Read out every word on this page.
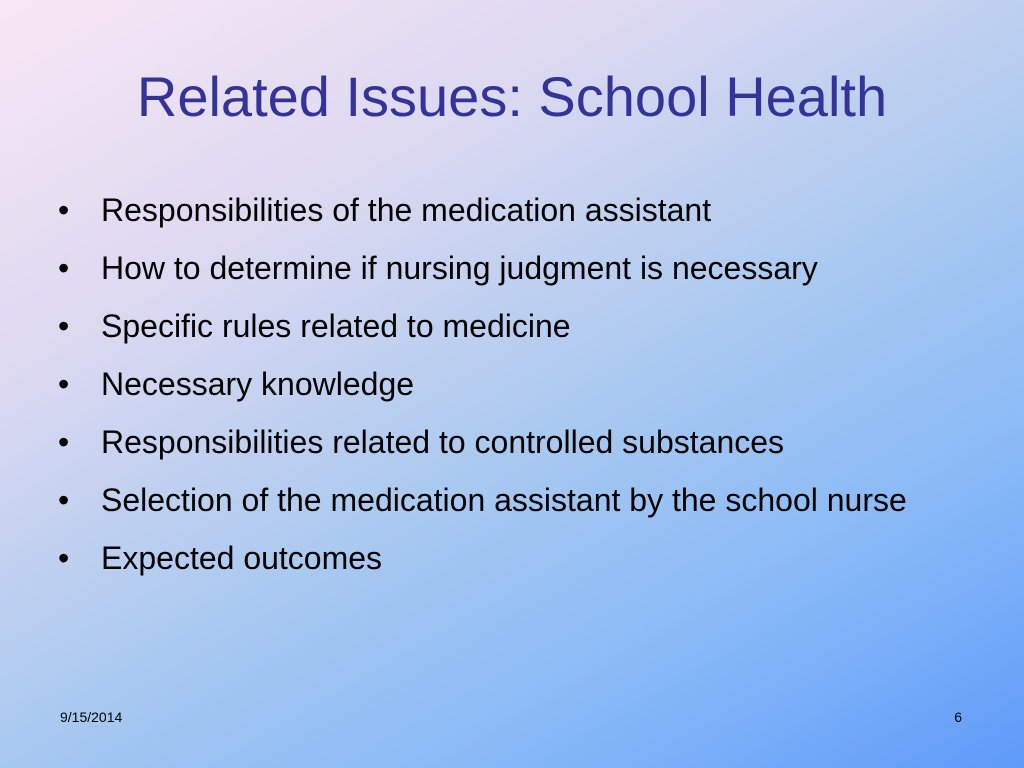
Related Issues: School Health
• Responsibilities of the medication assistant
• How to determine if nursing judgment is necessary
• Specific rules related to medicine
• Necessary knowledge
• Responsibilities related to controlled substances
• Selection of the medication assistant by the school nurse
• Expected outcomes
9/15/2014	6
